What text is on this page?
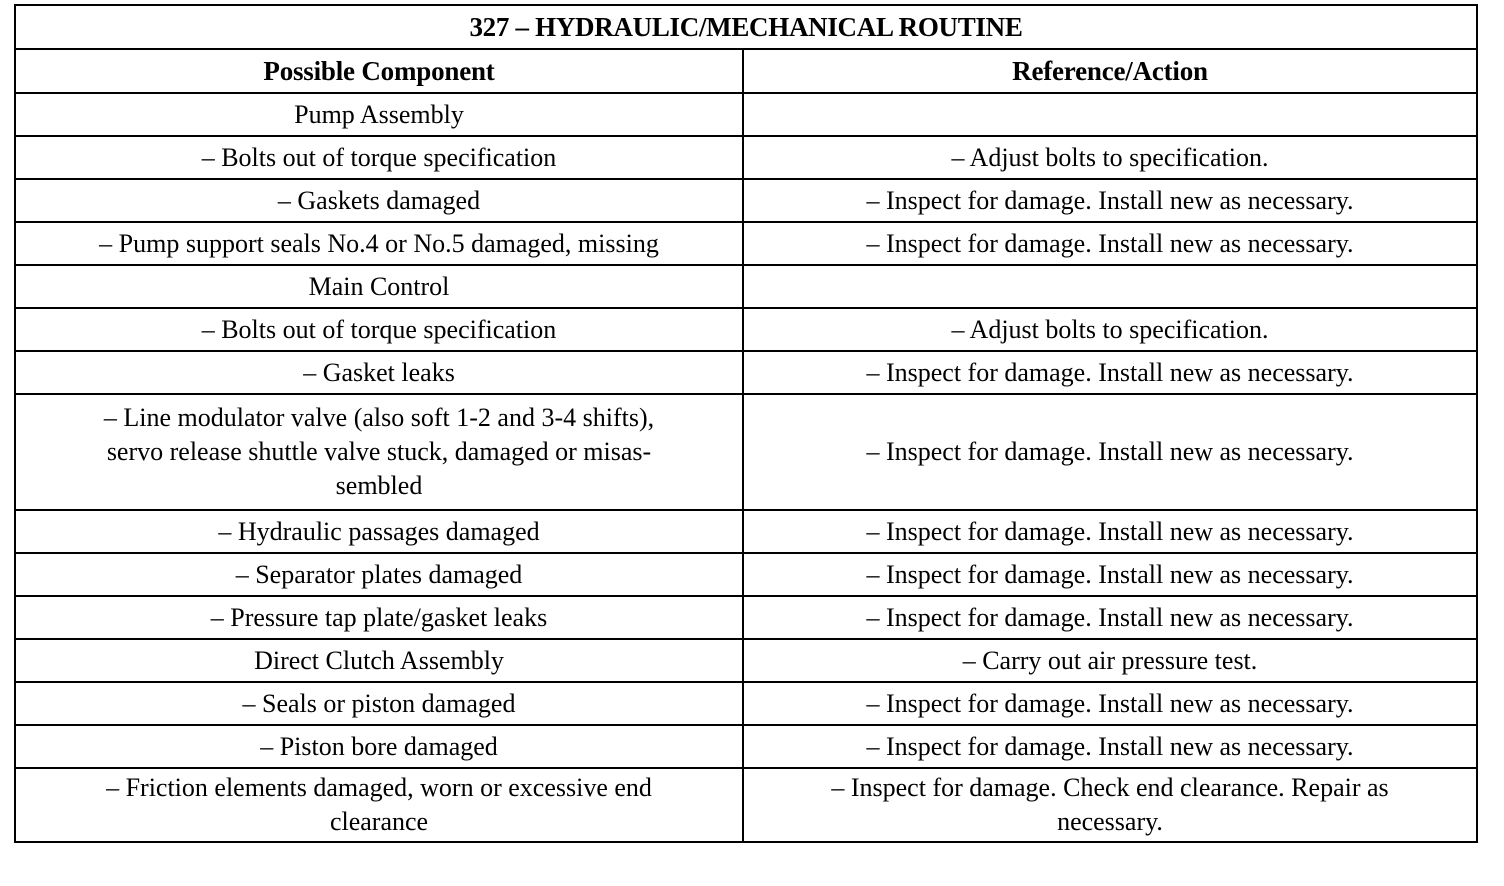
327 – HYDRAULIC/MECHANICAL ROUTINE	
Possible Component	Reference/Action
Pump Assembly	
– Bolts out of torque specification	– Adjust bolts to specification.
– Gaskets damaged	– Inspect for damage. Install new as necessary.
– Pump support seals No.4 or No.5 damaged, missing	– Inspect for damage. Install new as necessary.
Main Control	
– Bolts out of torque specification	– Adjust bolts to specification.
– Gasket leaks	– Inspect for damage. Install new as necessary.
– Line modulator valve (also soft 1-2 and 3-4 shifts), servo release shuttle valve stuck, damaged or misas- sembled	– Inspect for damage. Install new as necessary.
– Hydraulic passages damaged	– Inspect for damage. Install new as necessary.
– Separator plates damaged	– Inspect for damage. Install new as necessary.
– Pressure tap plate/gasket leaks	– Inspect for damage. Install new as necessary.
Direct Clutch Assembly	– Carry out air pressure test.
– Seals or piston damaged	– Inspect for damage. Install new as necessary.
– Piston bore damaged	– Inspect for damage. Install new as necessary.
– Friction elements damaged, worn or excessive end clearance	– Inspect for damage. Check end clearance. Repair as necessary.
